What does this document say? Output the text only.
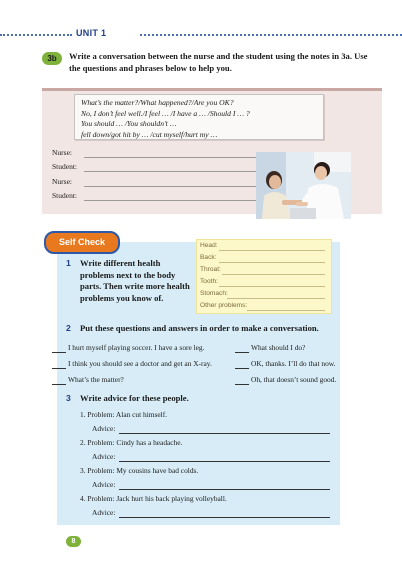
UNIT 1
3b	Write a conversation between the nurse and the student using the notes in 3a. Use the questions and phrases below to help you.
What’s the matter?/What happened?/Are you OK?
No, I don’t feel well./I feel … /I have a … /Should I … ?
You should … /You shouldn’t …
fell down/got hit by … /cut myself/hurt my …
Nurse:
Student:
Nurse:
Student:
Self Check	Head:
Back:
Throat:
Tooth:
Stomach:
Other problems:
1 Write different health problems next to the body parts. Then write more health problems you know of.
2 Put these questions and answers in order to make a conversation.
I hurt myself playing soccer. I have a sore leg.
I think you should see a doctor and get an X-ray.
What’s the matter?
What should I do?
OK, thanks. I’ll do that now.
Oh, that doesn’t sound good.
3 Write advice for these people.
1. Problem: Alan cut himself.
Advice:
2. Problem: Cindy has a headache.
Advice:
3. Problem: My cousins have bad colds.
Advice:
4. Problem: Jack hurt his back playing volleyball.
Advice:
8
